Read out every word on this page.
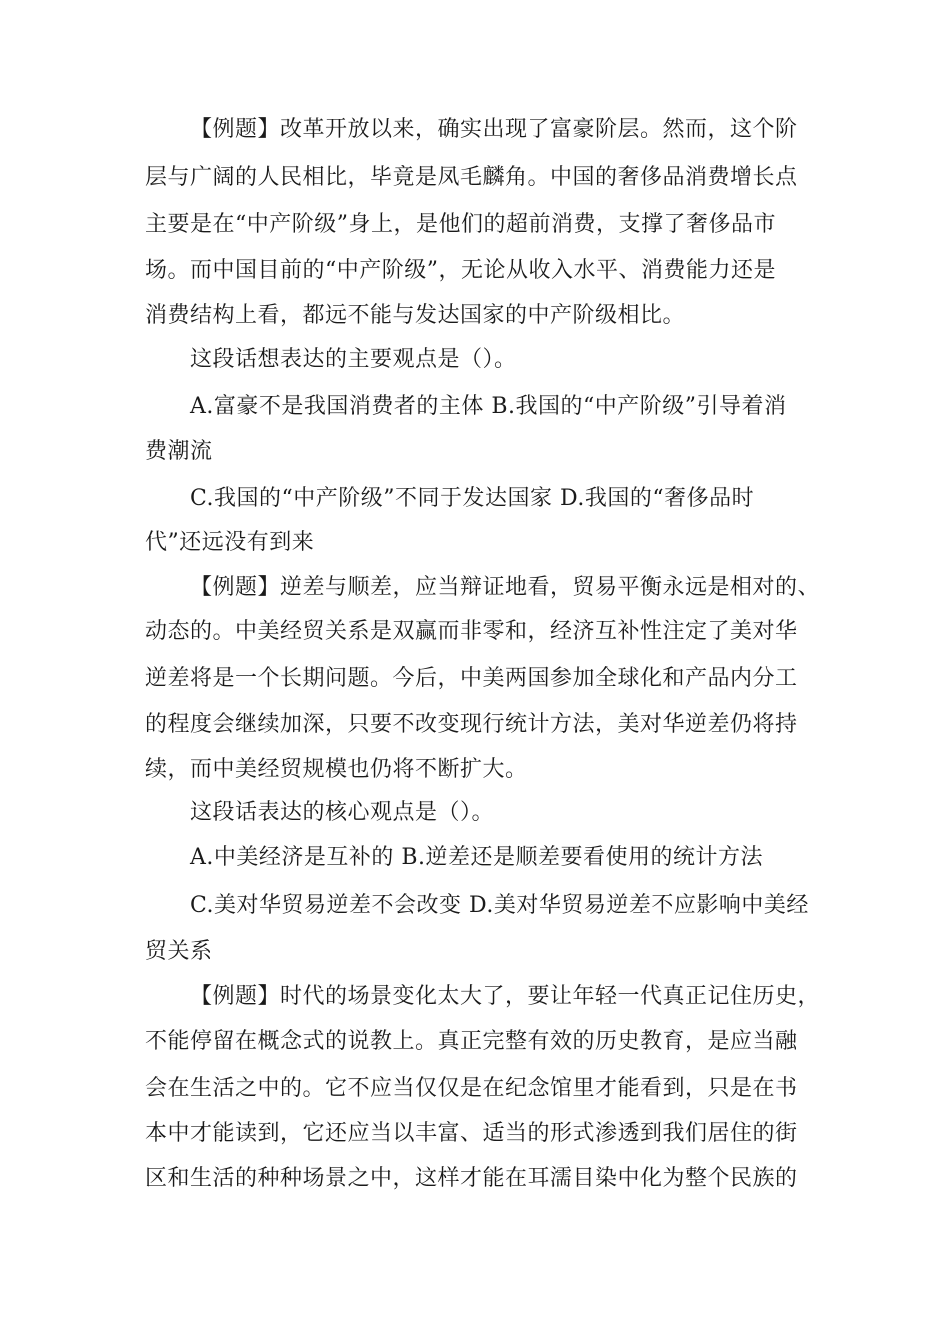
【例题】改革开放以来，确实出现了富豪阶层。然而，这个阶
层与广阔的人民相比，毕竟是凤毛麟角。中国的奢侈品消费增长点
主要是在“中产阶级”身上，是他们的超前消费，支撑了奢侈品市
场。而中国目前的“中产阶级”，无论从收入水平、消费能力还是
消费结构上看，都远不能与发达国家的中产阶级相比。
这段话想表达的主要观点是（）。
A.富豪不是我国消费者的主体 B.我国的“中产阶级”引导着消
费潮流
C.我国的“中产阶级”不同于发达国家 D.我国的“奢侈品时
代”还远没有到来
【例题】逆差与顺差，应当辩证地看，贸易平衡永远是相对的、
动态的。中美经贸关系是双赢而非零和，经济互补性注定了美对华
逆差将是一个长期问题。今后，中美两国参加全球化和产品内分工
的程度会继续加深，只要不改变现行统计方法，美对华逆差仍将持
续，而中美经贸规模也仍将不断扩大。
这段话表达的核心观点是（）。
A.中美经济是互补的 B.逆差还是顺差要看使用的统计方法
C.美对华贸易逆差不会改变 D.美对华贸易逆差不应影响中美经
贸关系
【例题】时代的场景变化太大了，要让年轻一代真正记住历史，
不能停留在概念式的说教上。真正完整有效的历史教育，是应当融
会在生活之中的。它不应当仅仅是在纪念馆里才能看到，只是在书
本中才能读到，它还应当以丰富、适当的形式渗透到我们居住的街
区和生活的种种场景之中，这样才能在耳濡目染中化为整个民族的
